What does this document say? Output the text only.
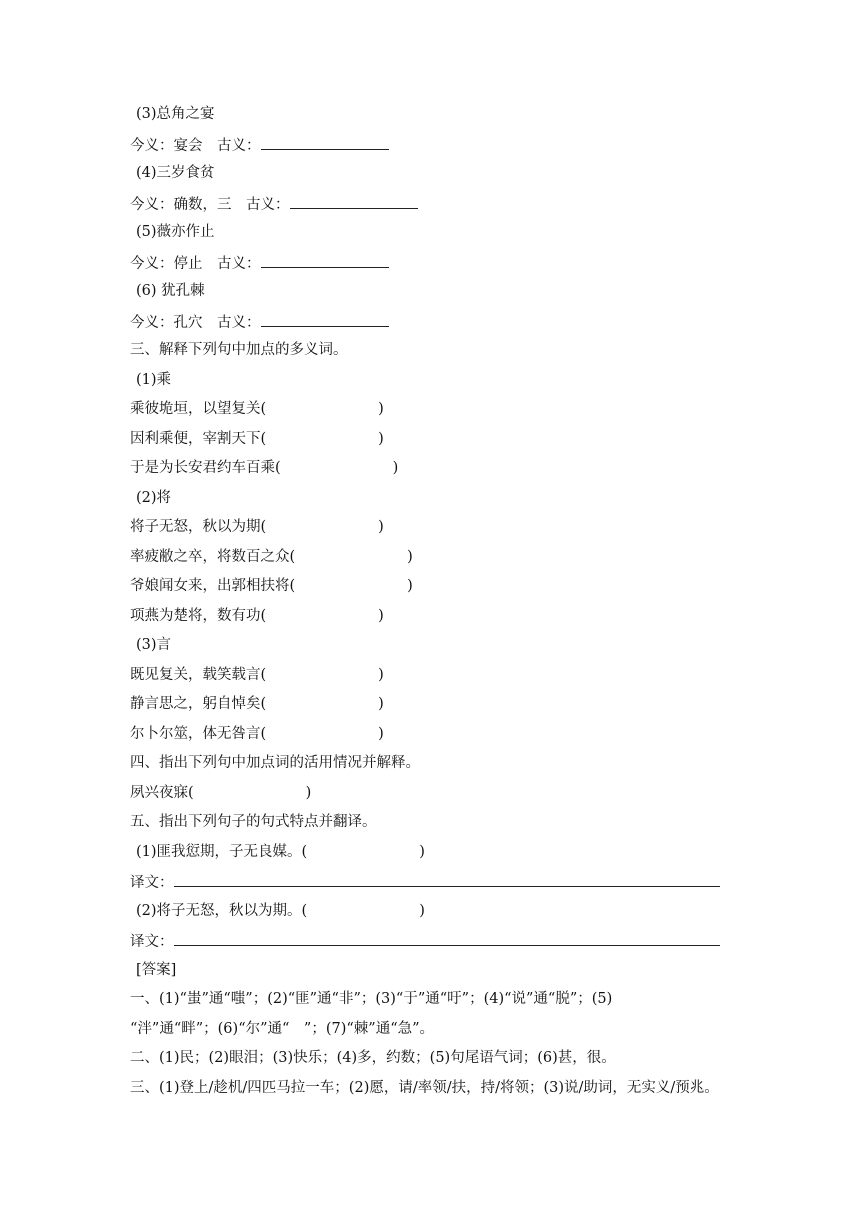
(3)总角之宴
今义：宴会　古义：
(4)三岁食贫
今义：确数，三　古义：
(5)薇亦作止
今义：停止　古义：
(6) 犹孔棘
今义：孔穴　古义：
三、解释下列句中加点的多义词。
(1)乘
乘彼垝垣，以望复关(	)
因利乘便，宰割天下(	)
于是为长安君约车百乘(	)
(2)将
将子无怒，秋以为期(	)
率疲敝之卒，将数百之众(	)
爷娘闻女来，出郭相扶将(	)
项燕为楚将，数有功(	)
(3)言
既见复关，载笑载言(	)
静言思之，躬自悼矣(	)
尔卜尔筮，体无咎言(	)
四、指出下列句中加点词的活用情况并解释。
夙兴夜寐(	)
五、指出下列句子的句式特点并翻译。
(1)匪我愆期，子无良媒。(	)
译文：
(2)将子无怒，秋以为期。(	)
译文：
[答案]
一、(1)“蚩”通“嗤”；(2)“匪”通“非”；(3)“于”通“吁”；(4)“说”通“脱”；(5)
“泮”通“畔”；(6)“尔”通“　”；(7)“棘”通“急”。
二、(1)民；(2)眼泪；(3)快乐；(4)多，约数；(5)句尾语气词；(6)甚，很。
三、(1)登上/趁机/四匹马拉一车；(2)愿，请/率领/扶，持/将领；(3)说/助词，无实义/预兆。
